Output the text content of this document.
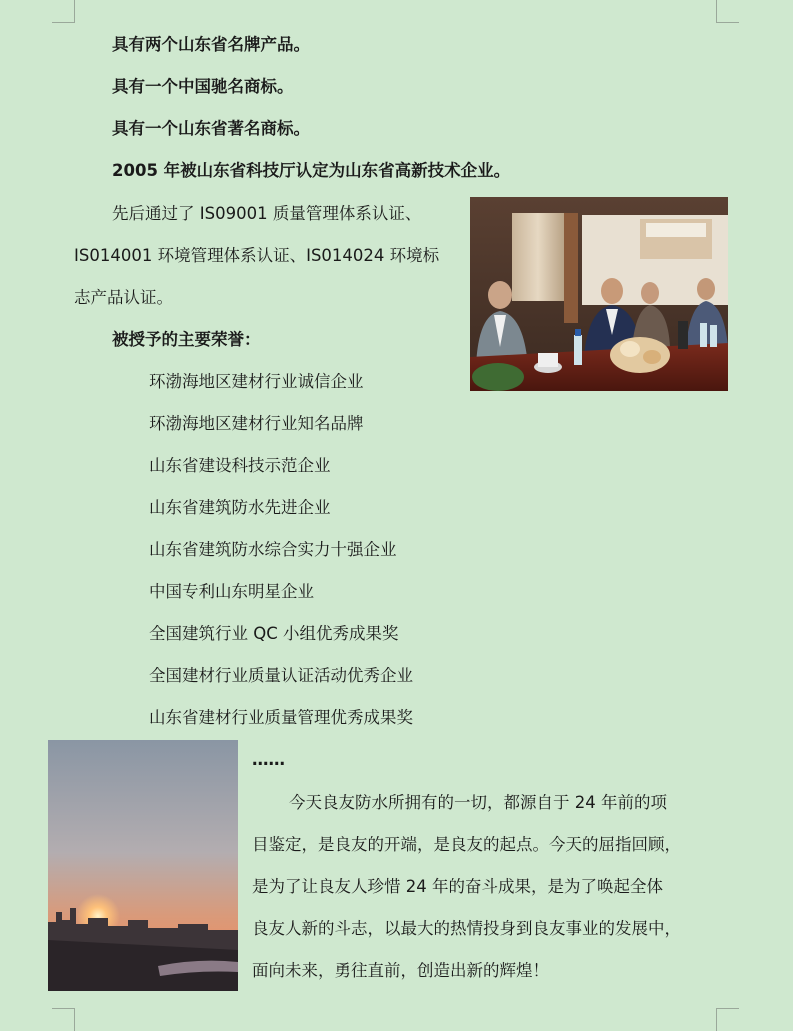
具有两个山东省名牌产品。
具有一个中国驰名商标。
具有一个山东省著名商标。
2005 年被山东省科技厅认定为山东省高新技术企业。
先后通过了 IS09001 质量管理体系认证、
IS014001 环境管理体系认证、IS014024 环境标
志产品认证。
被授予的主要荣誉：
环渤海地区建材行业诚信企业
环渤海地区建材行业知名品牌
山东省建设科技示范企业
山东省建筑防水先进企业
山东省建筑防水综合实力十强企业
中国专利山东明星企业
全国建筑行业 QC 小组优秀成果奖
全国建材行业质量认证活动优秀企业
山东省建材行业质量管理优秀成果奖
……
今天良友防水所拥有的一切，都源自于 24 年前的项
目鉴定，是良友的开端，是良友的起点。今天的屈指回顾，
是为了让良友人珍惜 24 年的奋斗成果，是为了唤起全体
良友人新的斗志，以最大的热情投身到良友事业的发展中，
面向未来，勇往直前，创造出新的辉煌！
